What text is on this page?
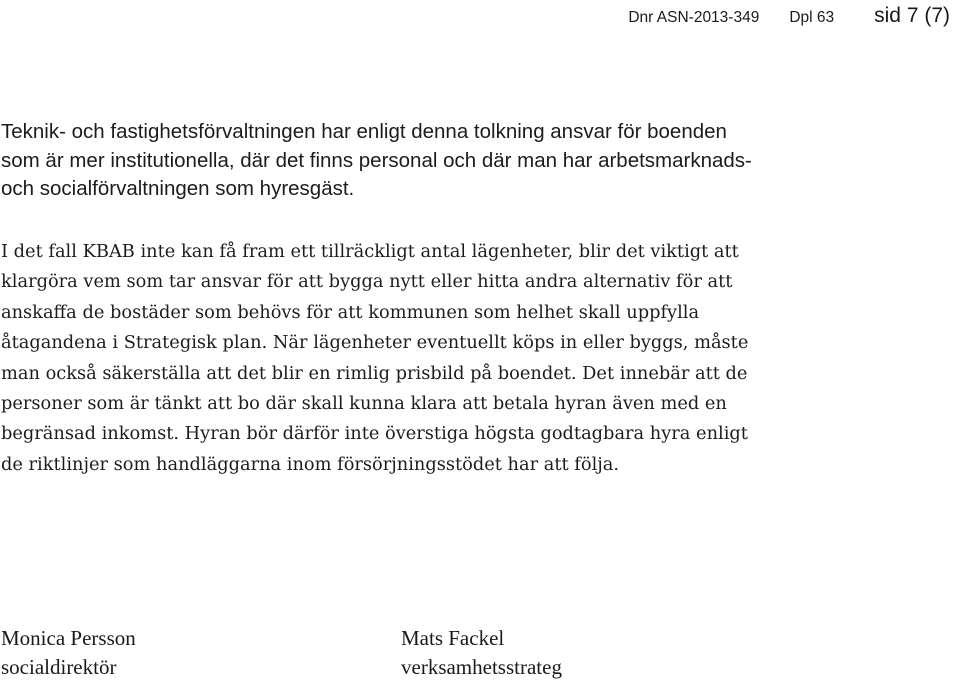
Dnr ASN-2013-349 Dpl 63 sid 7 (7)

Teknik- och fastighetsförvaltningen har enligt denna tolkning ansvar för boenden
som är mer institutionella, där det finns personal och där man har arbetsmarknads-
och socialförvaltningen som hyresgäst.

I det fall KBAB inte kan få fram ett tillräckligt antal lägenheter, blir det viktigt att
klargöra vem som tar ansvar för att bygga nytt eller hitta andra alternativ för att
anskaffa de bostäder som behövs för att kommunen som helhet skall uppfylla
åtagandena i Strategisk plan. När lägenheter eventuellt köps in eller byggs, måste
man också säkerställa att det blir en rimlig prisbild på boendet. Det innebär att de
personer som är tänkt att bo där skall kunna klara att betala hyran även med en
begränsad inkomst. Hyran bör därför inte överstiga högsta godtagbara hyra enligt
de riktlinjer som handläggarna inom försörjningsstödet har att följa.

Monica Persson
socialdirektör
Mats Fackel
verksamhetsstrateg
